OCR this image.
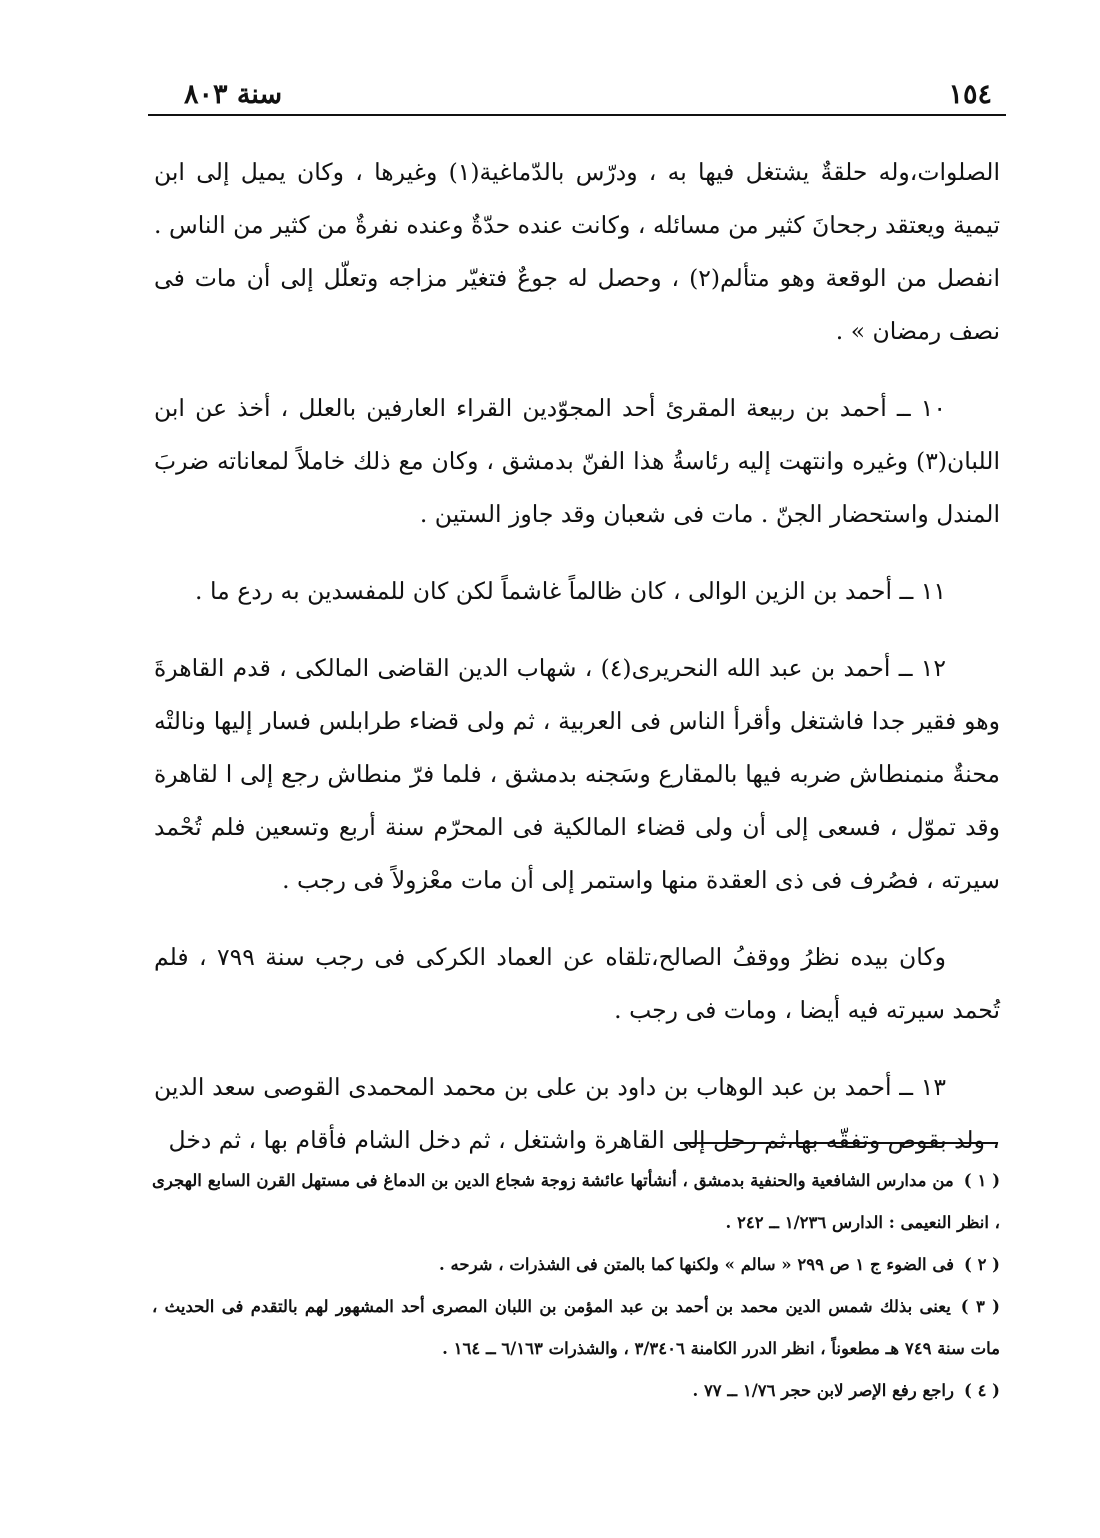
١٥٤
سنة ٨٠٣

الصلوات،وله حلقةٌ يشتغل فيها به ، ودرّس بالدّماغية(١) وغيرها ، وكان يميل إلى ابن تيمية ويعتقد رجحانَ كثير من مسائله ، وكانت عنده حدّةٌ وعنده نفرةٌ من كثير من الناس . انفصل من الوقعة وهو متألم(٢) ، وحصل له جوعٌ فتغيّر مزاجه وتعلّل إلى أن مات فى نصف رمضان » .

١٠ ــ أحمد بن ربيعة المقرئ أحد المجوّدين القراء العارفين بالعلل ، أخذ عن ابن اللبان(٣) وغيره وانتهت إليه رئاسةُ هذا الفنّ بدمشق ، وكان مع ذلك خاملاً لمعاناته ضربَ المندل واستحضار الجنّ . مات فى شعبان وقد جاوز الستين .

١١ ــ أحمد بن الزين الوالى ، كان ظالماً غاشماً لكن كان للمفسدين به ردع ما .

١٢ ــ أحمد بن عبد الله النحريرى(٤) ، شهاب الدين القاضى المالكى ، قدم القاهرةَ وهو فقير جدا فاشتغل وأقرأ الناس فى العربية ، ثم ولى قضاء طرابلس فسار إليها ونالتْه محنةٌ منمنطاش ضربه فيها بالمقارع وسَجنه بدمشق ، فلما فرّ منطاش رجع إلى ا لقاهرة وقد تموّل ، فسعى إلى أن ولى قضاء المالكية فى المحرّم سنة أربع وتسعين فلم تُحْمد سيرته ، فصُرف فى ذى العقدة منها واستمر إلى أن مات معْزولاً فى رجب .

وكان بيده نظرُ ووقفُ الصالح،تلقاه عن العماد الكركى فى رجب سنة ٧٩٩ ، فلم تُحمد سيرته فيه أيضا ، ومات فى رجب .

١٣ ــ أحمد بن عبد الوهاب بن داود بن على بن محمد المحمدى القوصى سعد الدين ، ولد بقوص وتفقّه بها،ثم رحل إلى القاهرة واشتغل ، ثم دخل الشام فأقام بها ، ثم دخل

( ١ )من مدارس الشافعية والحنفية بدمشق ، أنشأتها عائشة زوجة شجاع الدين بن الدماغ فى مستهل القرن السابع الهجرى ، انظر النعيمى : الدارس ١/٢٣٦ ــ ٢٤٢ .

( ٢ )فى الضوء ج ١ ص ٢٩٩ « سالم » ولكنها كما بالمتن فى الشذرات ، شرحه .

( ٣ )يعنى بذلك شمس الدين محمد بن أحمد بن عبد المؤمن بن اللبان المصرى أحد المشهور لهم بالتقدم فى الحديث ، مات سنة ٧٤٩ هـ مطعوناً ، انظر الدرر الكامنة ٣/٣٤٠٦ ، والشذرات ٦/١٦٣ ــ ١٦٤ .

( ٤ )راجع رفع الإصر لابن حجر ١/٧٦ ــ ٧٧ .
